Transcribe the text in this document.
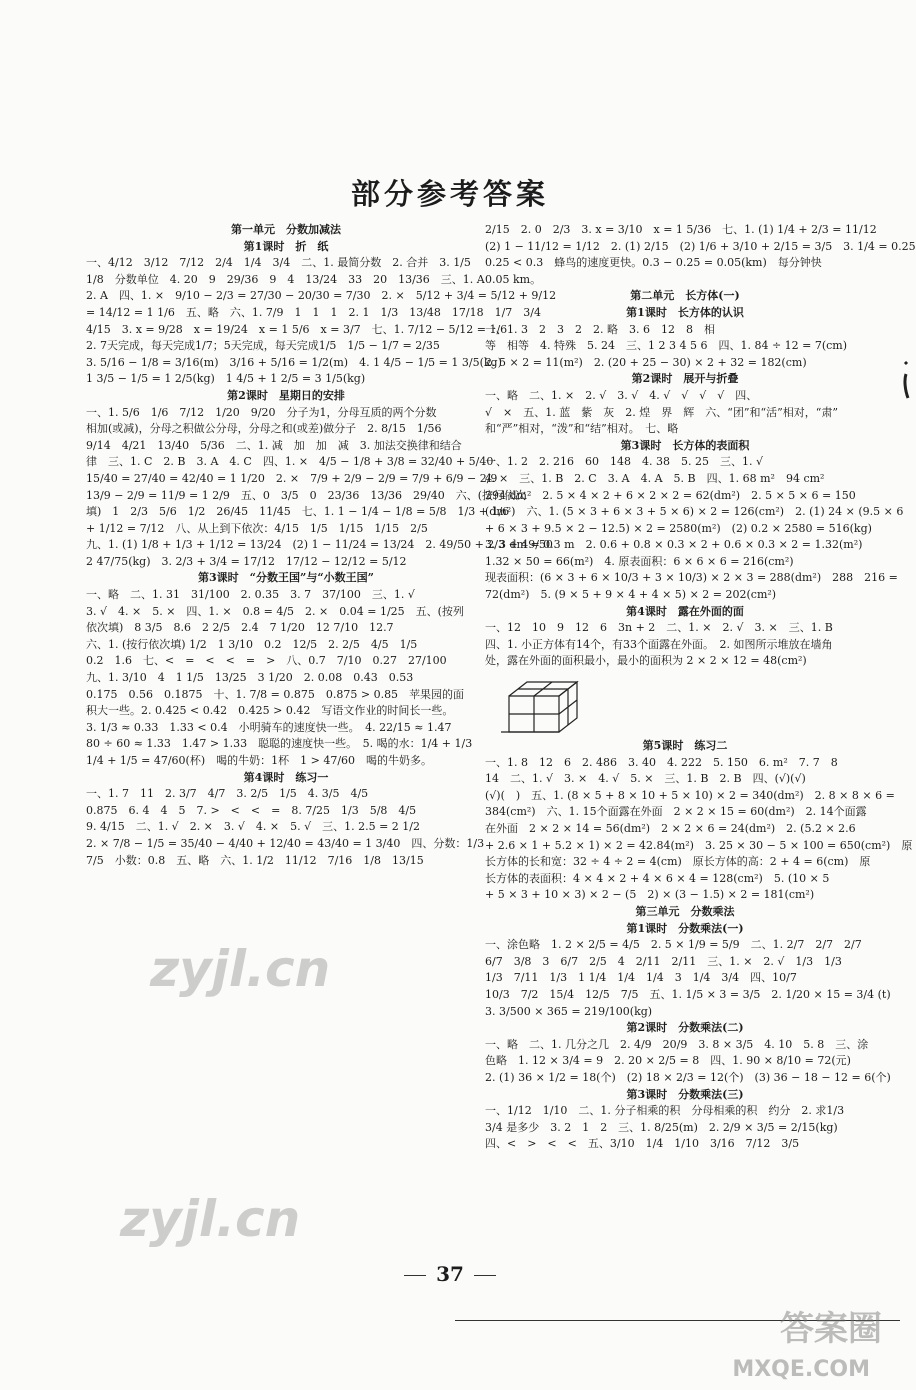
部分参考答案
第一单元　分数加减法
第1课时　折　纸
一、4/12　3/12　7/12　2/4　1/4　3/4　二、1. 最简分数　2. 合并　3. 1/5
1/8　分数单位　4. 20　9　29/36　9　4　13/24　33　20　13/36　三、1. A
2. A　四、1. ×　9/10 − 2/3 = 27/30 − 20/30 = 7/30　2. ×　5/12 + 3/4 = 5/12 + 9/12
= 14/12 = 1 1/6　五、略　六、1. 7/9　1　1　1　2. 1　1/3　13/48　17/18　1/7　3/4
4/15　3. x = 9/28　x = 19/24　x = 1 5/6　x = 3/7　七、1. 7/12 − 5/12 = 1/6
2. 7天完成，每天完成1/7；5天完成，每天完成1/5　1/5 − 1/7 = 2/35
3. 5/16 − 1/8 = 3/16(m)　3/16 + 5/16 = 1/2(m)　4. 1 4/5 − 1/5 = 1 3/5(kg)
1 3/5 − 1/5 = 1 2/5(kg)　1 4/5 + 1 2/5 = 3 1/5(kg)
第2课时　星期日的安排
一、1. 5/6　1/6　7/12　1/20　9/20　分子为1，分母互质的两个分数
相加(或减)，分母之积做公分母，分母之和(或差)做分子　2. 8/15　1/56
9/14　4/21　13/40　5/36　二、1. 减　加　加　减　3. 加法交换律和结合
律　三、1. C　2. B　3. A　4. C　四、1. ×　4/5 − 1/8 + 3/8 = 32/40 + 5/40
15/40 = 27/40 = 42/40 = 1 1/20　2. ×　7/9 + 2/9 − 2/9 = 7/9 + 6/9 − 2/9
13/9 − 2/9 = 11/9 = 1 2/9　五、0　3/5　0　23/36　13/36　29/40　六、(按行依次
填)　1　2/3　5/6　1/2　26/45　11/45　七、1. 1 − 1/4 − 1/8 = 5/8　1/3 + 1/6
+ 1/12 = 7/12　八、从上到下依次：4/15　1/5　1/15　1/15　2/5
九、1. (1) 1/8 + 1/3 + 1/12 = 13/24　(2) 1 − 11/24 = 13/24　2. 49/50 + 2/3 + 49/50
2 47/75(kg)　3. 2/3 + 3/4 = 17/12　17/12 − 12/12 = 5/12
第3课时　“分数王国”与“小数王国”
一、略　二、1. 31　31/100　2. 0.35　3. 7　37/100　三、1. √
3. √　4. ×　5. ×　四、1. ×　0.8 = 4/5　2. ×　0.04 = 1/25　五、(按列
依次填)　8 3/5　8.6　2 2/5　2.4　7 1/20　12 7/10　12.7
六、1. (按行依次填) 1/2　1 3/10　0.2　12/5　2. 2/5　4/5　1/5
0.2　1.6　七、<　=　<　<　=　>　八、0.7　7/10　0.27　27/100
九、1. 3/10　4　1 1/5　13/25　3 1/20　2. 0.08　0.43　0.53
0.175　0.56　0.1875　十、1. 7/8 = 0.875　0.875 > 0.85　苹果园的面
积大一些。2. 0.425 < 0.42　0.425 > 0.42　写语文作业的时间长一些。
3. 1/3 ≈ 0.33　1.33 < 0.4　小明骑车的速度快一些。　4. 22/15 ≈ 1.47
80 ÷ 60 ≈ 1.33　1.47 > 1.33　聪聪的速度快一些。　5. 喝的水：1/4 + 1/3
1/4 + 1/5 = 47/60(杯)　喝的牛奶：1杯　1 > 47/60　喝的牛奶多。
第4课时　练习一
一、1. 7　11　2. 3/7　4/7　3. 2/5　1/5　4. 3/5　4/5
0.875　6. 4　4　5　7. >　<　<　=　8. 7/25　1/3　5/8　4/5
9. 4/15　二、1. √　2. ×　3. √　4. ×　5. √　三、1. 2.5 = 2 1/2
2. × 7/8 − 1/5 = 35/40 − 4/40 + 12/40 = 43/40 = 1 3/40　四、分数：1/3
7/5　小数：0.8　五、略　六、1. 1/2　11/12　7/16　1/8　13/15
2/15　2. 0　2/3　3. x = 3/10　x = 1 5/36　七、1. (1) 1/4 + 2/3 = 11/12
(2) 1 − 11/12 = 1/12　2. (1) 2/15　(2) 1/6 + 3/10 + 2/15 = 3/5　3. 1/4 = 0.25
0.25 < 0.3　蜂鸟的速度更快。0.3 − 0.25 = 0.05(km)　每分钟快
0.05 km。
第二单元　长方体(一)
第1课时　长方体的认识
一、1. 3　2　3　2　2. 略　3. 6　12　8　相
等　相等　4. 特殊　5. 24　三、1 2 3 4 5 6　四、1. 84 ÷ 12 = 7(cm)
2. 5 × 2 = 11(m²)　2. (20 + 25 − 30) × 2 + 32 = 182(cm)
第2课时　展开与折叠
一、略　二、1. ×　2. √　3. √　4. √　√　√　√　四、
√　×　五、1. 蓝　紫　灰　2. 煌　界　辉　六、“团”和“活”相对，“肃”
和“严”相对，“泼”和“结”相对。　七、略
第3课时　长方体的表面积
一、1. 2　2. 216　60　148　4. 38　5. 25　三、1. √
4. ×　三、1. B　2. C　3. A　4. A　5. B　四、1. 68 m²　94 cm²
294 dm²　2. 5 × 4 × 2 + 6 × 2 × 2 = 62(dm²)　2. 5 × 5 × 6 = 150
(dm²)　六、1. (5 × 3 + 6 × 3 + 5 × 6) × 2 = 126(cm²)　2. (1) 24 × (9.5 × 6
+ 6 × 3 + 9.5 × 2 − 12.5) × 2 = 2580(m²)　(2) 0.2 × 2580 = 516(kg)
3. 3 dm = 0.3 m　2. 0.6 + 0.8 × 0.3 × 2 + 0.6 × 0.3 × 2 = 1.32(m²)
1.32 × 50 = 66(m²)　4. 原表面积：6 × 6 × 6 = 216(cm²)
现表面积：(6 × 3 + 6 × 10/3 + 3 × 10/3) × 2 × 3 = 288(dm²)　288　216 =
72(dm²)　5. (9 × 5 + 9 × 4 + 4 × 5) × 2 = 202(cm²)
第4课时　露在外面的面
一、12　10　9　12　6　3n + 2　二、1. ×　2. √　3. ×　三、1. B
四、1. 小正方体有14个，有33个面露在外面。　2. 如图所示堆放在墙角
处，露在外面的面积最小，最小的面积为 2 × 2 × 12 = 48(cm²)
第5课时　练习二
一、1. 8　12　6　2. 486　3. 40　4. 222　5. 150　6. m²　7. 7　8
14　二、1. √　3. ×　4. √　5. ×　三、1. B　2. B　四、(√)(√)
(√)(　)　五、1. (8 × 5 + 8 × 10 + 5 × 10) × 2 = 340(dm²)　2. 8 × 8 × 6 =
384(cm²)　六、1. 15个面露在外面　2 × 2 × 15 = 60(dm²)　2. 14个面露
在外面　2 × 2 × 14 = 56(dm²)　2 × 2 × 6 = 24(dm²)　2. (5.2 × 2.6
+ 2.6 × 1 + 5.2 × 1) × 2 = 42.84(m²)　3. 25 × 30 − 5 × 100 = 650(cm²)　原
长方体的长和宽：32 ÷ 4 ÷ 2 = 4(cm)　原长方体的高：2 + 4 = 6(cm)　原
长方体的表面积：4 × 4 × 2 + 4 × 6 × 4 = 128(cm²)　5. (10 × 5
+ 5 × 3 + 10 × 3) × 2 − (5　2) × (3 − 1.5) × 2 = 181(cm²)
第三单元　分数乘法
第1课时　分数乘法(一)
一、涂色略　1. 2 × 2/5 = 4/5　2. 5 × 1/9 = 5/9　二、1. 2/7　2/7　2/7
6/7　3/8　3　6/7　2/5　4　2/11　2/11　三、1. ×　2. √　1/3　1/3
1/3　7/11　1/3　1 1/4　1/4　1/4　3　1/4　3/4　四、10/7
10/3　7/2　15/4　12/5　7/5　五、1. 1/5 × 3 = 3/5　2. 1/20 × 15 = 3/4 (t)
3. 3/500 × 365 = 219/100(kg)
第2课时　分数乘法(二)
一、略　二、1. 几分之几　2. 4/9　20/9　3. 8 × 3/5　4. 10　5. 8　三、涂
色略　1. 12 × 3/4 = 9　2. 20 × 2/5 = 8　四、1. 90 × 8/10 = 72(元)
2. (1) 36 × 1/2 = 18(个)　(2) 18 × 2/3 = 12(个)　(3) 36 − 18 − 12 = 6(个)
第3课时　分数乘法(三)
一、1/12　1/10　二、1. 分子相乘的积　分母相乘的积　约分　2. 求1/3
3/4 是多少　3. 2　1　2　三、1. 8/25(m)　2. 2/9 × 3/5 = 2/15(kg)
四、<　>　<　<　五、3/10　1/4　1/10　3/16　7/12　3/5
37
zyjl.cn
zyjl.cn
答案圈
MXQE.COM
